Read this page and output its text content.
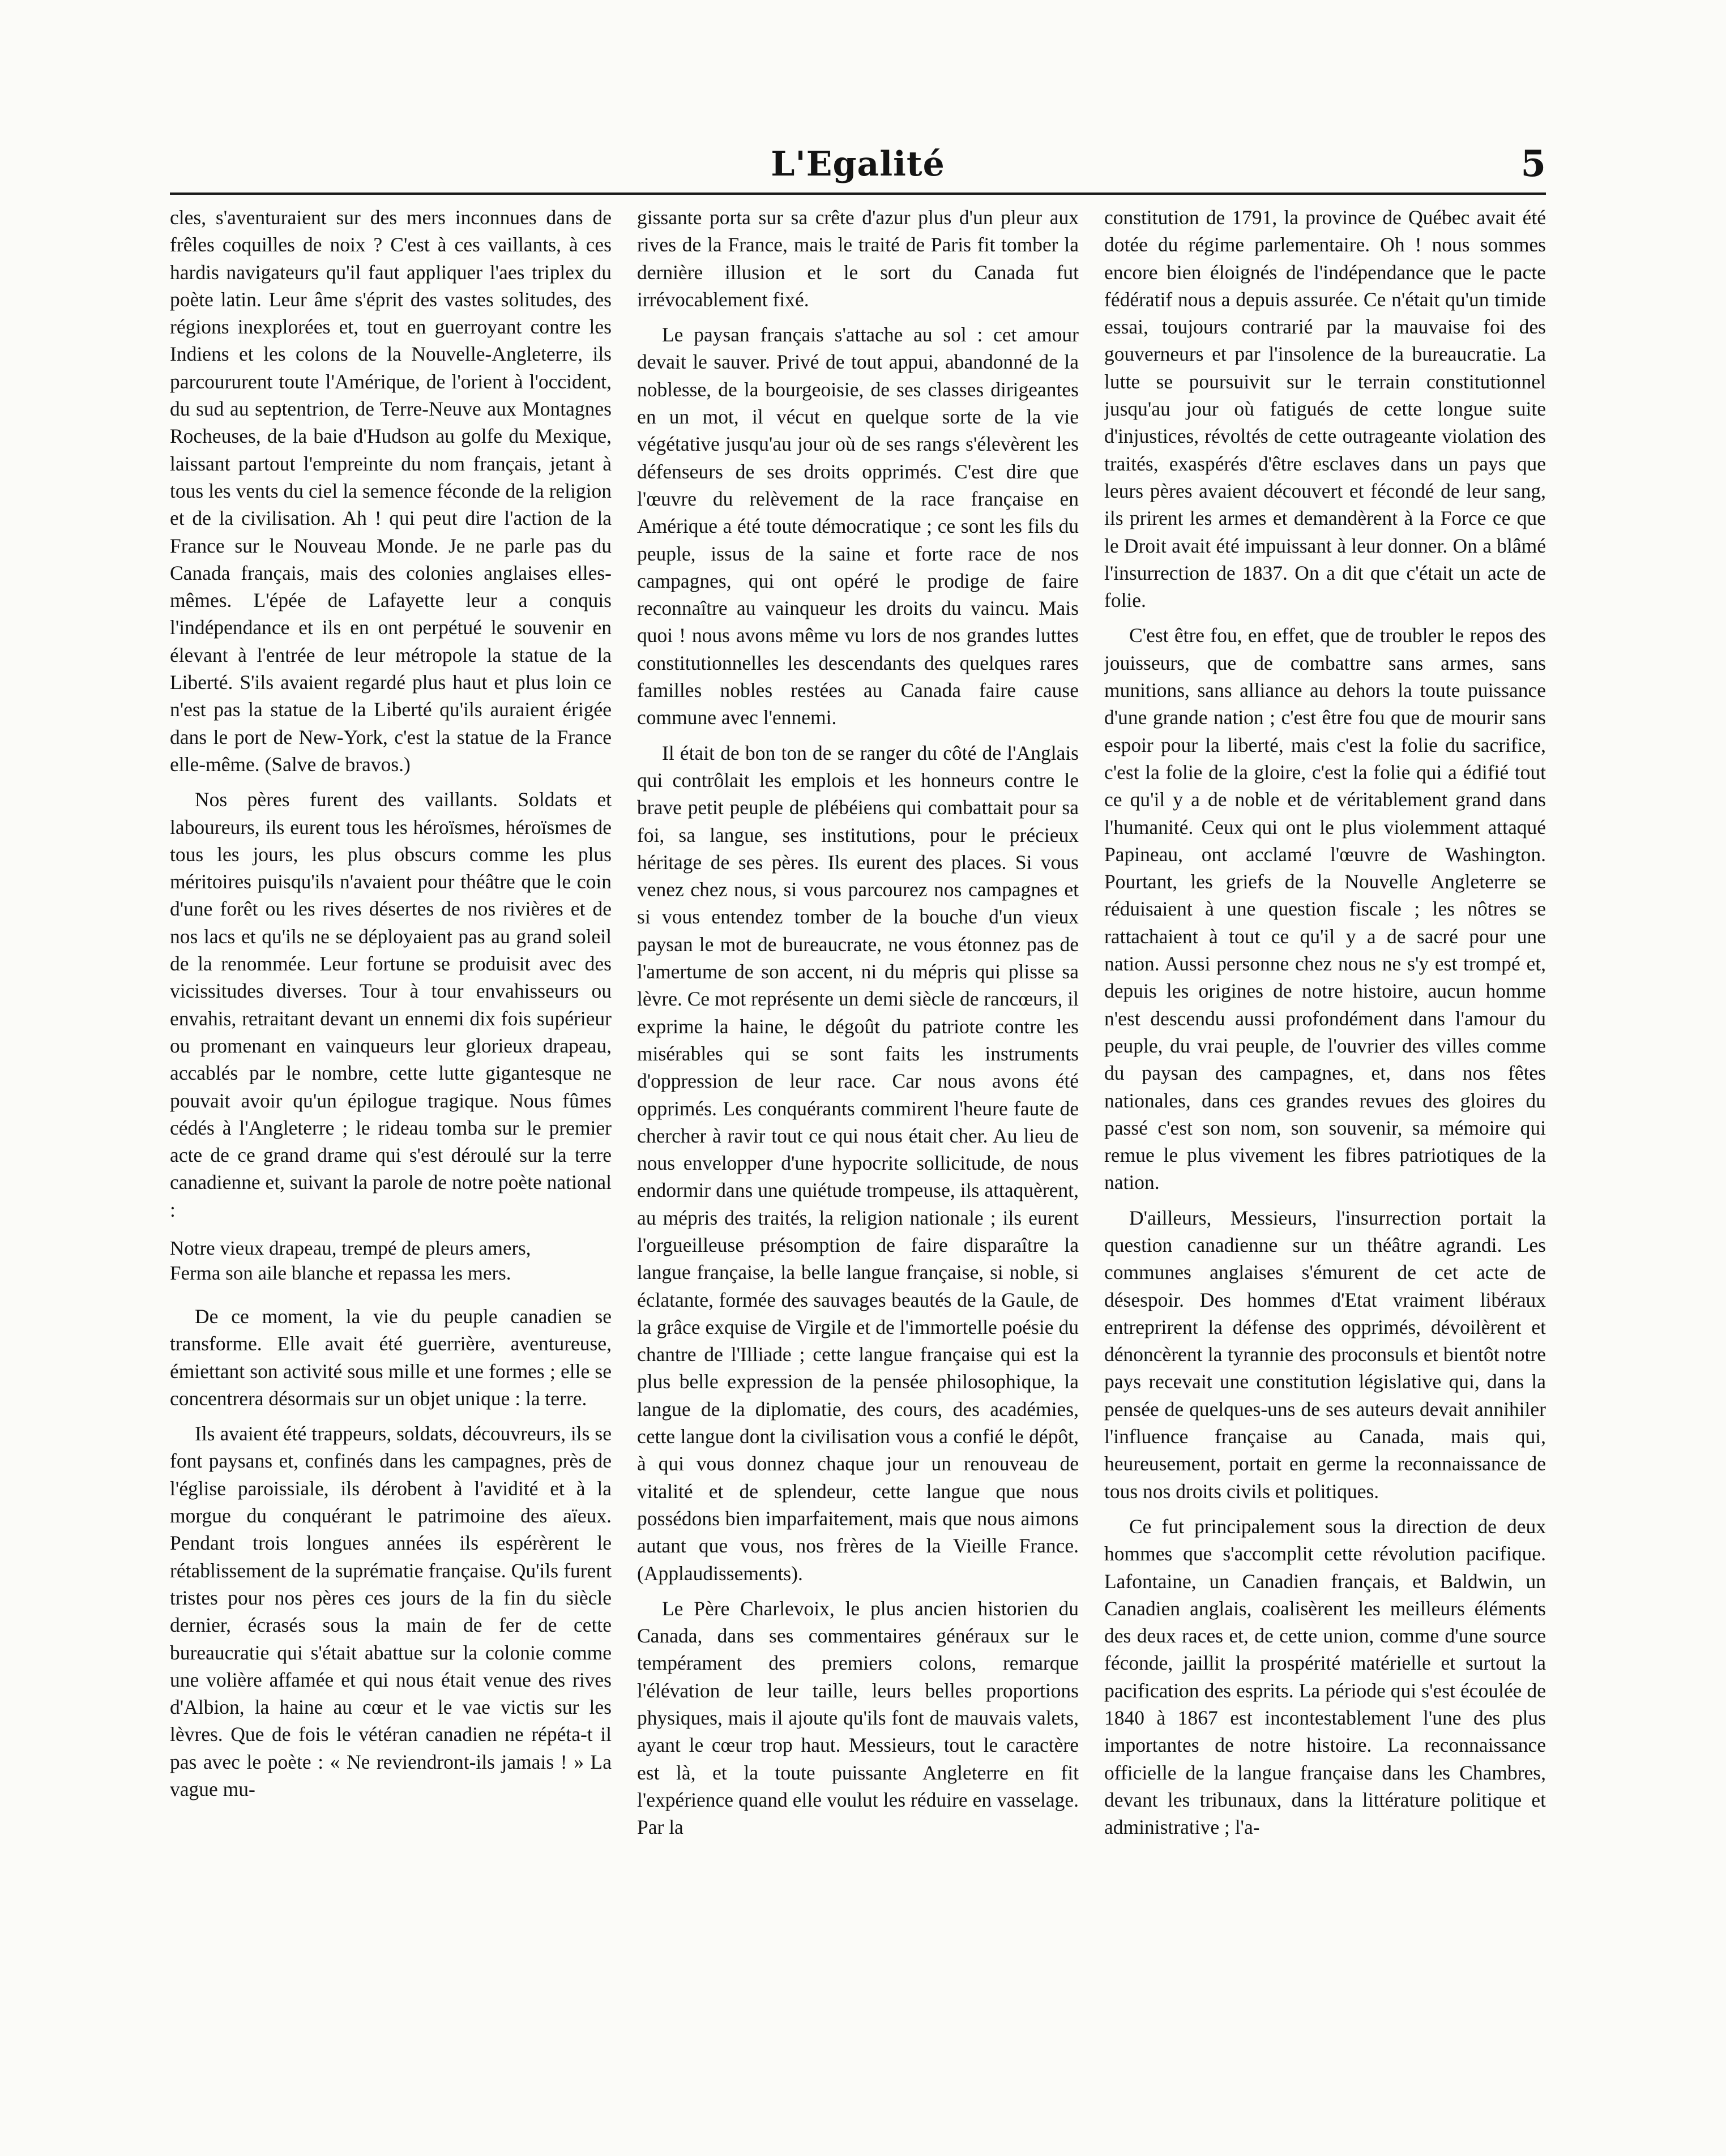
L'Egalité	5

cles, s'aventuraient sur des mers inconnues dans de frêles coquilles de noix ? C'est à ces vaillants, à ces hardis navigateurs qu'il faut appliquer l'aes triplex du poète latin. Leur âme s'éprit des vastes solitudes, des régions inexplorées et, tout en guerroyant contre les Indiens et les colons de la Nouvelle-Angleterre, ils parcoururent toute l'Amérique, de l'orient à l'occident, du sud au septentrion, de Terre-Neuve aux Montagnes Rocheuses, de la baie d'Hudson au golfe du Mexique, laissant partout l'empreinte du nom français, jetant à tous les vents du ciel la semence féconde de la religion et de la civilisation. Ah ! qui peut dire l'action de la France sur le Nouveau Monde. Je ne parle pas du Canada français, mais des colonies anglaises elles-mêmes. L'épée de Lafayette leur a conquis l'indépendance et ils en ont perpétué le souvenir en élevant à l'entrée de leur métropole la statue de la Liberté. S'ils avaient regardé plus haut et plus loin ce n'est pas la statue de la Liberté qu'ils auraient érigée dans le port de New-York, c'est la statue de la France elle-même. (Salve de bravos.)

Nos pères furent des vaillants. Soldats et laboureurs, ils eurent tous les héroïsmes, héroïsmes de tous les jours, les plus obscurs comme les plus méritoires puisqu'ils n'avaient pour théâtre que le coin d'une forêt ou les rives désertes de nos rivières et de nos lacs et qu'ils ne se déployaient pas au grand soleil de la renommée. Leur fortune se produisit avec des vicissitudes diverses. Tour à tour envahisseurs ou envahis, retraitant devant un ennemi dix fois supérieur ou promenant en vainqueurs leur glorieux drapeau, accablés par le nombre, cette lutte gigantesque ne pouvait avoir qu'un épilogue tragique. Nous fûmes cédés à l'Angleterre ; le rideau tomba sur le premier acte de ce grand drame qui s'est déroulé sur la terre canadienne et, suivant la parole de notre poète national :

Notre vieux drapeau, trempé de pleurs amers,
Ferma son aile blanche et repassa les mers.

De ce moment, la vie du peuple canadien se transforme. Elle avait été guerrière, aventureuse, émiettant son activité sous mille et une formes ; elle se concentrera désormais sur un objet unique : la terre.

Ils avaient été trappeurs, soldats, découvreurs, ils se font paysans et, confinés dans les campagnes, près de l'église paroissiale, ils dérobent à l'avidité et à la morgue du conquérant le patrimoine des aïeux. Pendant trois longues années ils espérèrent le rétablissement de la suprématie française. Qu'ils furent tristes pour nos pères ces jours de la fin du siècle dernier, écrasés sous la main de fer de cette bureaucratie qui s'était abattue sur la colonie comme une volière affamée et qui nous était venue des rives d'Albion, la haine au cœur et le vae victis sur les lèvres. Que de fois le vétéran canadien ne répéta-t il pas avec le poète : « Ne reviendront-ils jamais ! » La vague mu-

gissante porta sur sa crête d'azur plus d'un pleur aux rives de la France, mais le traité de Paris fit tomber la dernière illusion et le sort du Canada fut irrévocablement fixé.

Le paysan français s'attache au sol : cet amour devait le sauver. Privé de tout appui, abandonné de la noblesse, de la bourgeoisie, de ses classes dirigeantes en un mot, il vécut en quelque sorte de la vie végétative jusqu'au jour où de ses rangs s'élevèrent les défenseurs de ses droits opprimés. C'est dire que l'œuvre du relèvement de la race française en Amérique a été toute démocratique ; ce sont les fils du peuple, issus de la saine et forte race de nos campagnes, qui ont opéré le prodige de faire reconnaître au vainqueur les droits du vaincu. Mais quoi ! nous avons même vu lors de nos grandes luttes constitutionnelles les descendants des quelques rares familles nobles restées au Canada faire cause commune avec l'ennemi.

Il était de bon ton de se ranger du côté de l'Anglais qui contrôlait les emplois et les honneurs contre le brave petit peuple de plébéiens qui combattait pour sa foi, sa langue, ses institutions, pour le précieux héritage de ses pères. Ils eurent des places. Si vous venez chez nous, si vous parcourez nos campagnes et si vous entendez tomber de la bouche d'un vieux paysan le mot de bureaucrate, ne vous étonnez pas de l'amertume de son accent, ni du mépris qui plisse sa lèvre. Ce mot représente un demi siècle de rancœurs, il exprime la haine, le dégoût du patriote contre les misérables qui se sont faits les instruments d'oppression de leur race. Car nous avons été opprimés. Les conquérants commirent l'heure faute de chercher à ravir tout ce qui nous était cher. Au lieu de nous envelopper d'une hypocrite sollicitude, de nous endormir dans une quiétude trompeuse, ils attaquèrent, au mépris des traités, la religion nationale ; ils eurent l'orgueilleuse présomption de faire disparaître la langue française, la belle langue française, si noble, si éclatante, formée des sauvages beautés de la Gaule, de la grâce exquise de Virgile et de l'immortelle poésie du chantre de l'Illiade ; cette langue française qui est la plus belle expression de la pensée philosophique, la langue de la diplomatie, des cours, des académies, cette langue dont la civilisation vous a confié le dépôt, à qui vous donnez chaque jour un renouveau de vitalité et de splendeur, cette langue que nous possédons bien imparfaitement, mais que nous aimons autant que vous, nos frères de la Vieille France. (Applaudissements).

Le Père Charlevoix, le plus ancien historien du Canada, dans ses commentaires généraux sur le tempérament des premiers colons, remarque l'élévation de leur taille, leurs belles proportions physiques, mais il ajoute qu'ils font de mauvais valets, ayant le cœur trop haut. Messieurs, tout le caractère est là, et la toute puissante Angleterre en fit l'expérience quand elle voulut les réduire en vasselage. Par la

constitution de 1791, la province de Québec avait été dotée du régime parlementaire. Oh ! nous sommes encore bien éloignés de l'indépendance que le pacte fédératif nous a depuis assurée. Ce n'était qu'un timide essai, toujours contrarié par la mauvaise foi des gouverneurs et par l'insolence de la bureaucratie. La lutte se poursuivit sur le terrain constitutionnel jusqu'au jour où fatigués de cette longue suite d'injustices, révoltés de cette outrageante violation des traités, exaspérés d'être esclaves dans un pays que leurs pères avaient découvert et fécondé de leur sang, ils prirent les armes et demandèrent à la Force ce que le Droit avait été impuissant à leur donner. On a blâmé l'insurrection de 1837. On a dit que c'était un acte de folie.

C'est être fou, en effet, que de troubler le repos des jouisseurs, que de combattre sans armes, sans munitions, sans alliance au dehors la toute puissance d'une grande nation ; c'est être fou que de mourir sans espoir pour la liberté, mais c'est la folie du sacrifice, c'est la folie de la gloire, c'est la folie qui a édifié tout ce qu'il y a de noble et de véritablement grand dans l'humanité. Ceux qui ont le plus violemment attaqué Papineau, ont acclamé l'œuvre de Washington. Pourtant, les griefs de la Nouvelle Angleterre se réduisaient à une question fiscale ; les nôtres se rattachaient à tout ce qu'il y a de sacré pour une nation. Aussi personne chez nous ne s'y est trompé et, depuis les origines de notre histoire, aucun homme n'est descendu aussi profondément dans l'amour du peuple, du vrai peuple, de l'ouvrier des villes comme du paysan des campagnes, et, dans nos fêtes nationales, dans ces grandes revues des gloires du passé c'est son nom, son souvenir, sa mémoire qui remue le plus vivement les fibres patriotiques de la nation.

D'ailleurs, Messieurs, l'insurrection portait la question canadienne sur un théâtre agrandi. Les communes anglaises s'émurent de cet acte de désespoir. Des hommes d'Etat vraiment libéraux entreprirent la défense des opprimés, dévoilèrent et dénoncèrent la tyrannie des proconsuls et bientôt notre pays recevait une constitution législative qui, dans la pensée de quelques-uns de ses auteurs devait annihiler l'influence française au Canada, mais qui, heureusement, portait en germe la reconnaissance de tous nos droits civils et politiques.

Ce fut principalement sous la direction de deux hommes que s'accomplit cette révolution pacifique. Lafontaine, un Canadien français, et Baldwin, un Canadien anglais, coalisèrent les meilleurs éléments des deux races et, de cette union, comme d'une source féconde, jaillit la prospérité matérielle et surtout la pacification des esprits. La période qui s'est écoulée de 1840 à 1867 est incontestablement l'une des plus importantes de notre histoire. La reconnaissance officielle de la langue française dans les Chambres, devant les tribunaux, dans la littérature politique et administrative ; l'a-
